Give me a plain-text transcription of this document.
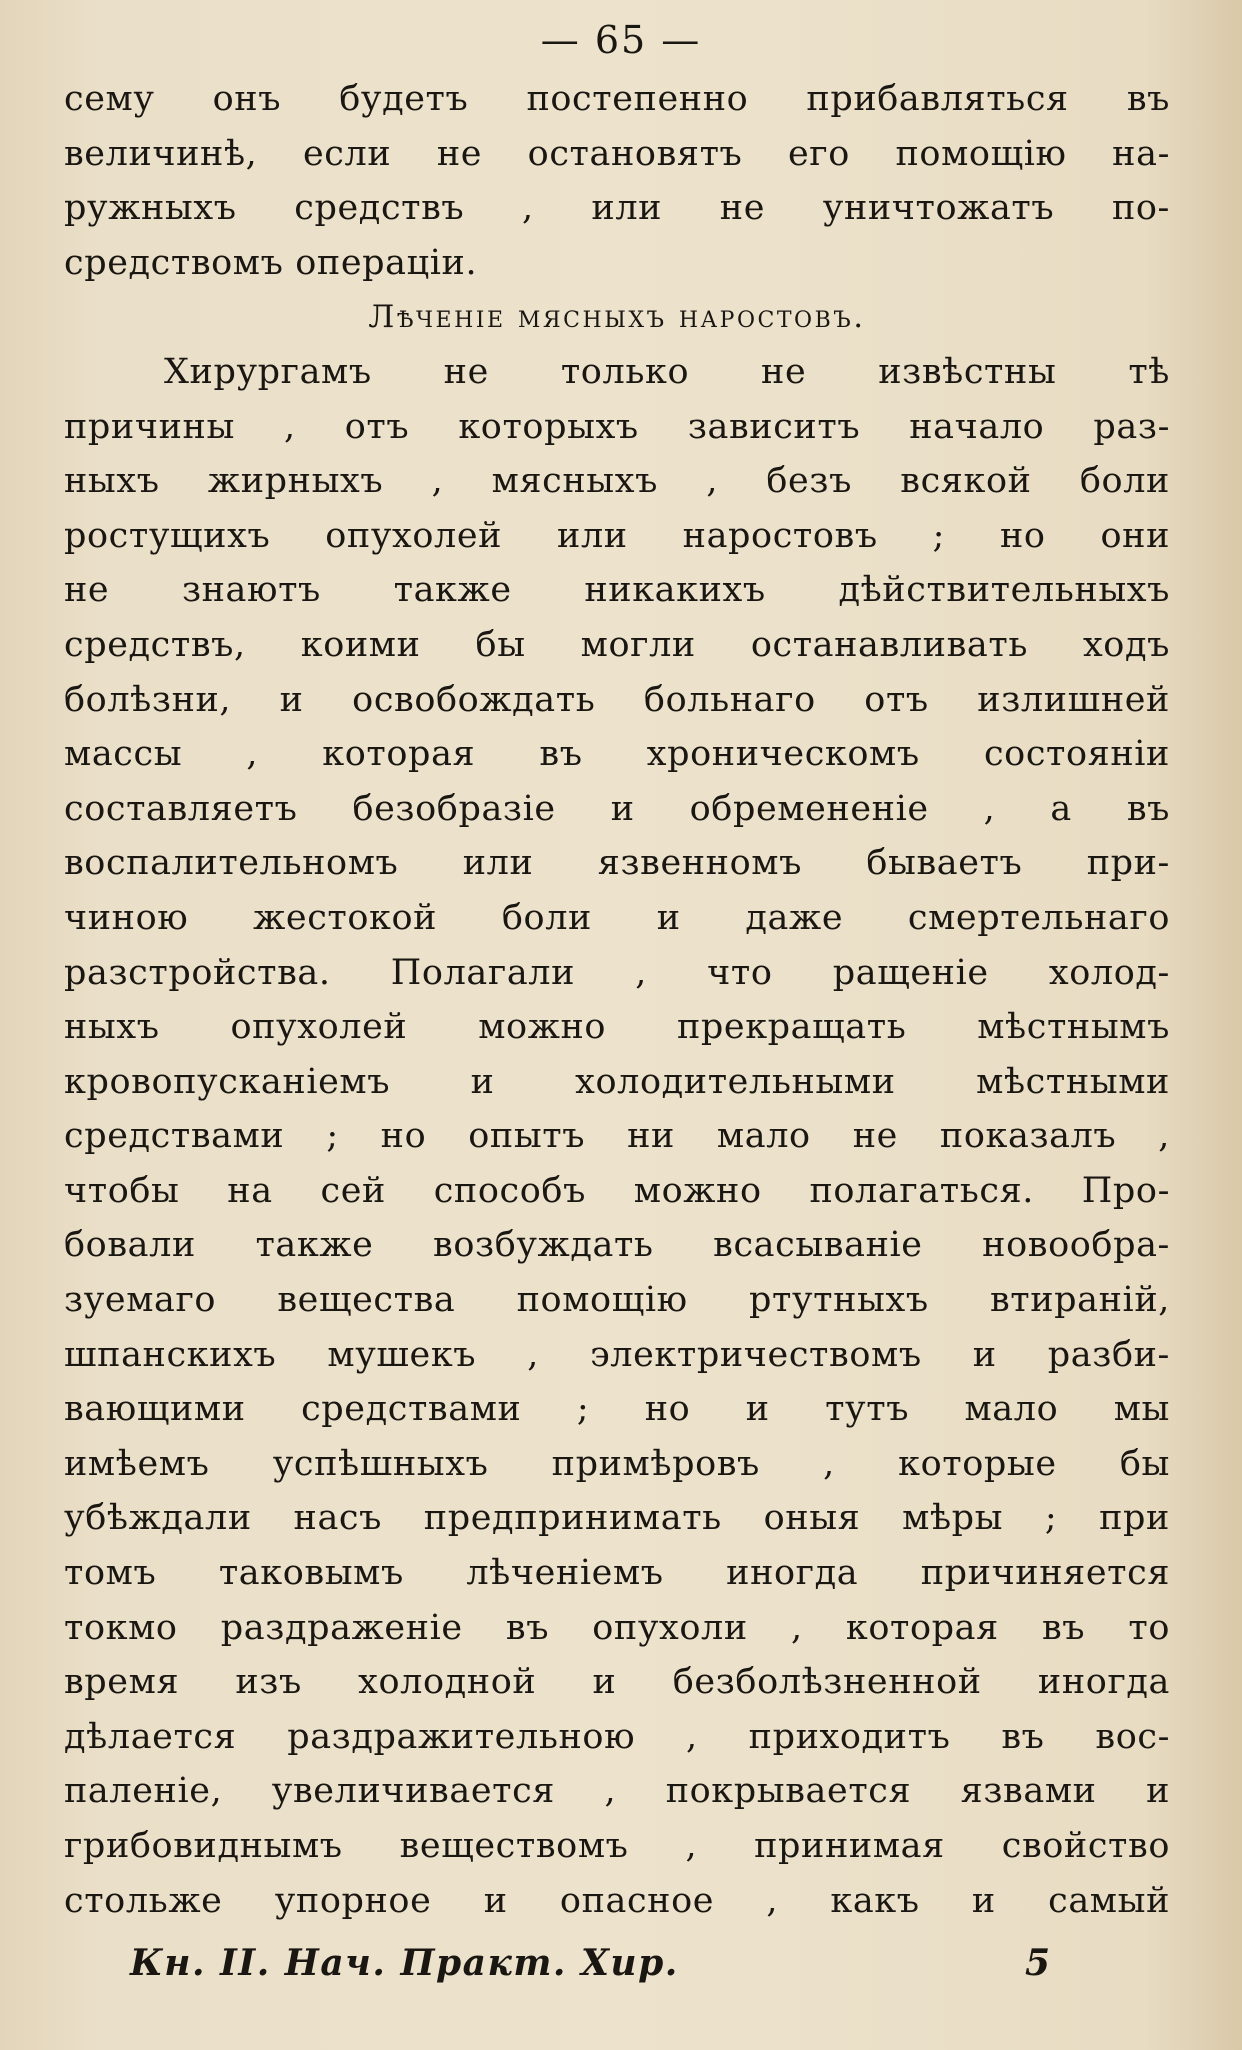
— 65 —
сему онъ будетъ постепенно прибавляться въ
величинѣ, если не остановятъ его помощію на-
ружныхъ средствъ , или не уничтожатъ по-
средствомъ операціи.
Лѣченіе мясныхъ наростовъ.
Хирургамъ не только не извѣстны тѣ
причины , отъ которыхъ зависитъ начало раз-
ныхъ жирныхъ , мясныхъ , безъ всякой боли
ростущихъ опухолей или наростовъ ; но они
не знаютъ также никакихъ дѣйствительныхъ
средствъ, коими бы могли останавливать ходъ
болѣзни, и освобождать больнаго отъ излишней
массы , которая въ хроническомъ состояніи
составляетъ безобразіе и обремененіе , а въ
воспалительномъ или язвенномъ бываетъ при-
чиною жестокой боли и даже смертельнаго
разстройства. Полагали , что ращеніе холод-
ныхъ опухолей можно прекращать мѣстнымъ
кровопусканіемъ и холодительными мѣстными
средствами ; но опытъ ни мало не показалъ ,
чтобы на сей способъ можно полагаться. Про-
бовали также возбуждать всасываніе новообра-
зуемаго вещества помощію ртутныхъ втираній,
шпанскихъ мушекъ , электричествомъ и разби-
вающими средствами ; но и тутъ мало мы
имѣемъ успѣшныхъ примѣровъ , которые бы
убѣждали насъ предпринимать оныя мѣры ; при
томъ таковымъ лѣченіемъ иногда причиняется
токмо раздраженіе въ опухоли , которая въ то
время изъ холодной и безболѣзненной иногда
дѣлается раздражительною , приходитъ въ вос-
паленіе, увеличивается , покрывается язвами и
грибовиднымъ веществомъ , принимая свойство
стольже упорное и опасное , какъ и самый
Кн. II. Нач. Практ. Хир.	5
